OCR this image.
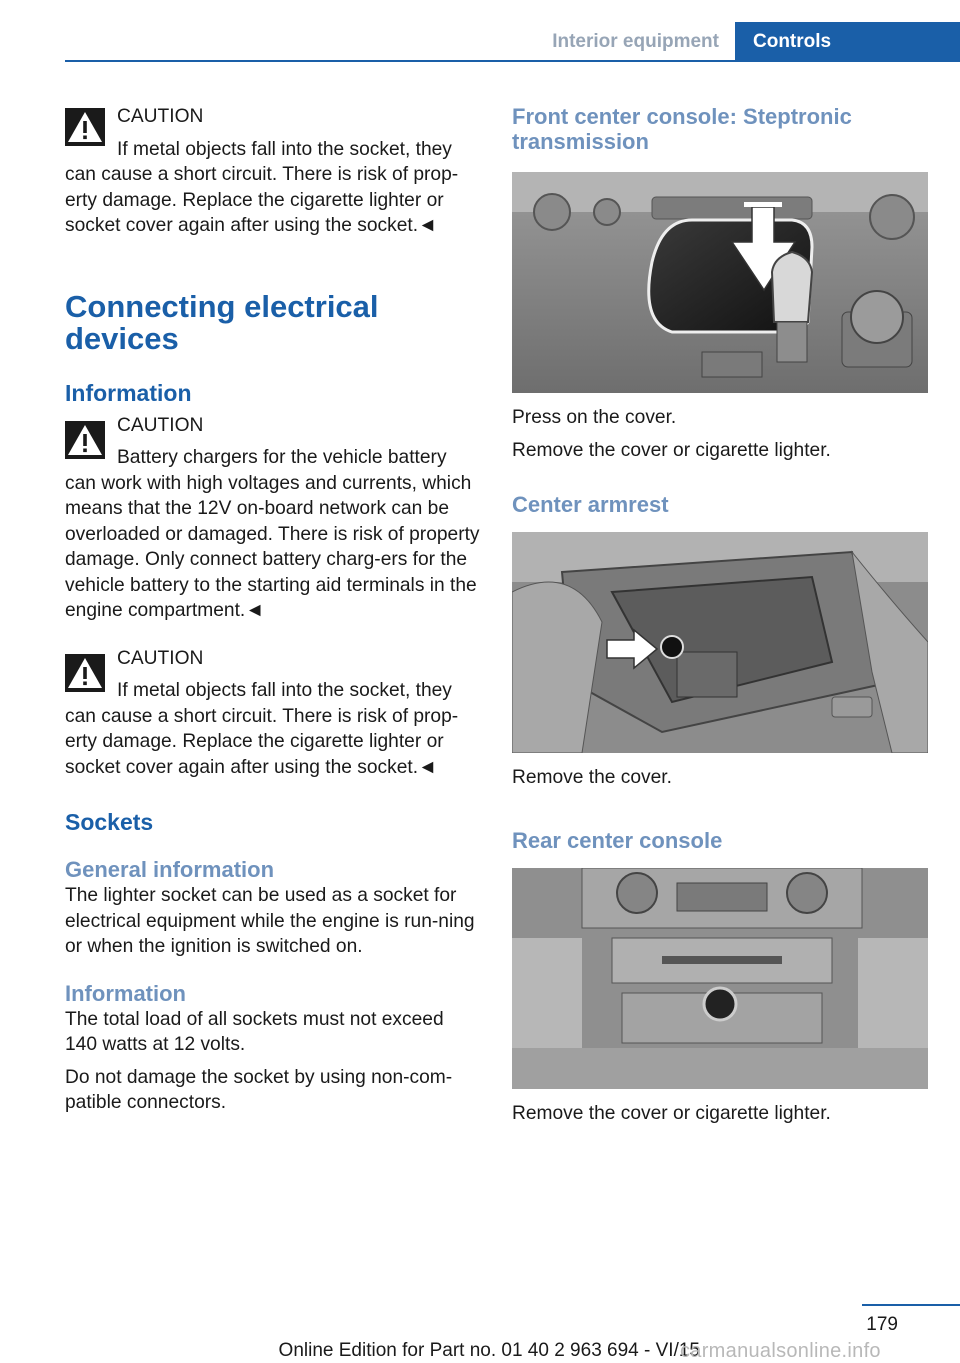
Interior equipment	Controls
CAUTION

If metal objects fall into the socket, they can cause a short circuit. There is risk of prop-erty damage. Replace the cigarette lighter or socket cover again after using the socket.◄

Connecting electrical devices
Information
CAUTION

Battery chargers for the vehicle battery can work with high voltages and currents, which means that the 12V on-board network can be overloaded or damaged. There is risk of property damage. Only connect battery charg-ers for the vehicle battery to the starting aid terminals in the engine compartment.◄

CAUTION

If metal objects fall into the socket, they can cause a short circuit. There is risk of prop-erty damage. Replace the cigarette lighter or socket cover again after using the socket.◄

Sockets
General information

The lighter socket can be used as a socket for electrical equipment while the engine is run-ning or when the ignition is switched on.

Information

The total load of all sockets must not exceed 140 watts at 12 volts.

Do not damage the socket by using non-com-patible connectors.

Front center console: Steptronic transmission

Press on the cover.

Remove the cover or cigarette lighter.

Center armrest

Remove the cover.

Rear center console

Remove the cover or cigarette lighter.

179
Online Edition for Part no. 01 40 2 963 694 - VI/15
carmanualsonline.info
